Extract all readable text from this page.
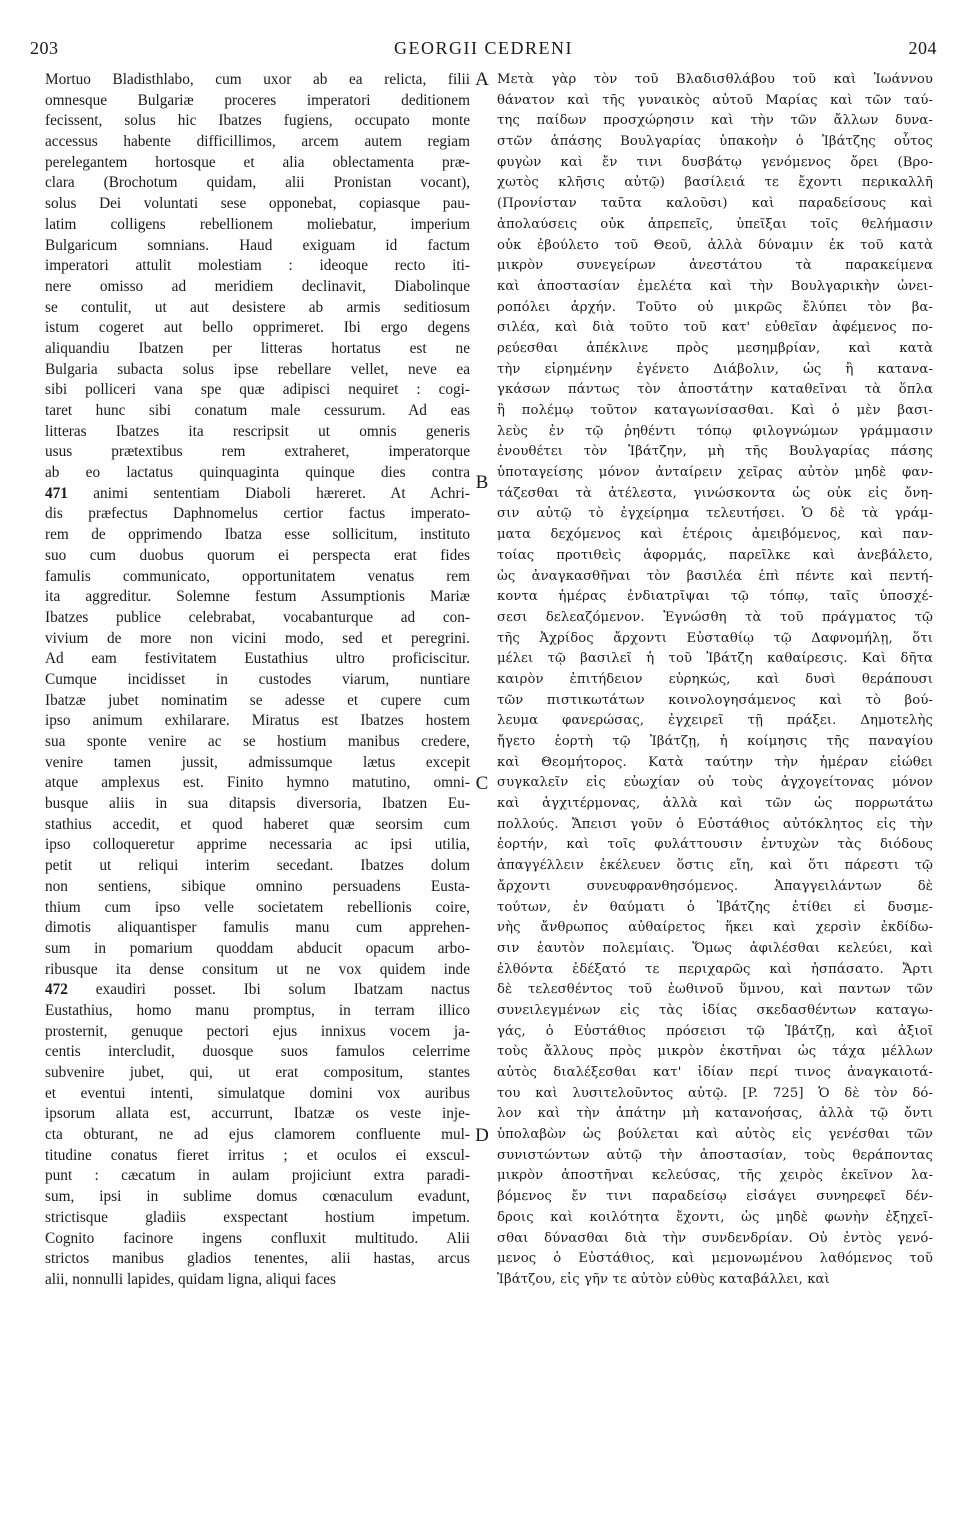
203	GEORGII CEDRENI	204
Mortuo Bladisthlabo, cum uxor ab ea relicta, filii
omnesque Bulgariæ proceres imperatori deditionem
fecissent, solus hic Ibatzes fugiens, occupato monte
accessus habente difficillimos, arcem autem regiam
perelegantem hortosque et alia oblectamenta præ-
clara (Brochotum quidam, alii Pronistan vocant),
solus Dei voluntati sese opponebat, copiasque pau-
latim colligens rebellionem moliebatur, imperium
Bulgaricum somnians. Haud exiguam id factum
imperatori attulit molestiam : ideoque recto iti-
nere omisso ad meridiem declinavit, Diabolinque
se contulit, ut aut desistere ab armis seditiosum
istum cogeret aut bello opprimeret. Ibi ergo degens
aliquandiu Ibatzen per litteras hortatus est ne
Bulgaria subacta solus ipse rebellare vellet, neve ea
sibi polliceri vana spe quæ adipisci nequiret : cogi-
taret hunc sibi conatum male cessurum. Ad eas
litteras Ibatzes ita rescripsit ut omnis generis
usus prætextibus rem extraheret, imperatorque
ab eo lactatus quinquaginta quinque dies contra
471 animi sententiam Diaboli hæreret. At Achri-
dis præfectus Daphnomelus certior factus imperato-
rem de opprimendo Ibatza esse sollicitum, instituto
suo cum duobus quorum ei perspecta erat fides
famulis communicato, opportunitatem venatus rem
ita aggreditur. Solemne festum Assumptionis Mariæ
Ibatzes publice celebrabat, vocabanturque ad con-
vivium de more non vicini modo, sed et peregrini.
Ad eam festivitatem Eustathius ultro proficiscitur.
Cumque incidisset in custodes viarum, nuntiare
Ibatzæ jubet nominatim se adesse et cupere cum
ipso animum exhilarare. Miratus est Ibatzes hostem
sua sponte venire ac se hostium manibus credere,
venire tamen jussit, admissumque lætus excepit
atque amplexus est. Finito hymno matutino, omni-
busque aliis in sua ditapsis diversoria, Ibatzen Eu-
stathius accedit, et quod haberet quæ seorsim cum
ipso colloqueretur apprime necessaria ac ipsi utilia,
petit ut reliqui interim secedant. Ibatzes dolum
non sentiens, sibique omnino persuadens Eusta-
thium cum ipso velle societatem rebellionis coire,
dimotis aliquantisper famulis manu cum apprehen-
sum in pomarium quoddam abducit opacum arbo-
ribusque ita dense consitum ut ne vox quidem inde
472 exaudiri posset. Ibi solum Ibatzam nactus
Eustathius, homo manu promptus, in terram illico
prosternit, genuque pectori ejus innixus vocem ja-
centis intercludit, duosque suos famulos celerrime
subvenire jubet, qui, ut erat compositum, stantes
et eventui intenti, simulatque domini vox auribus
ipsorum allata est, accurrunt, Ibatzæ os veste inje-
cta obturant, ne ad ejus clamorem confluente mul-
titudine conatus fieret irritus ; et oculos ei exscul-
punt : cæcatum in aulam projiciunt extra paradi-
sum, ipsi in sublime domus cœnaculum evadunt,
strictisque gladiis exspectant hostium impetum.
Cognito facinore ingens confluxit multitudo. Alii
strictos manibus gladios tenentes, alii hastas, arcus
alii, nonnulli lapides, quidam ligna, aliqui faces
A
B
C
D
Μετὰ γὰρ τὸν τοῦ Βλαδισθλάβου τοῦ καὶ Ἰωάννου
θάνατον καὶ τῆς γυναικὸς αὐτοῦ Μαρίας καὶ τῶν ταύ-
της παίδων προσχώρησιν καὶ τὴν τῶν ἄλλων δυνα-
στῶν ἁπάσης Βουλγαρίας ὑπακοὴν ὁ Ἰβάτζης οὗτος
φυγὼν καὶ ἔν τινι δυσβάτῳ γενόμενος ὄρει (Βρο-
χωτὸς κλῆσις αὐτῷ) βασίλειά τε ἔχοντι περικαλλῆ
(Προνίσταν ταῦτα καλοῦσι) καὶ παραδείσους καὶ
ἀπολαύσεις οὐκ ἀπρεπεῖς, ὑπεῖξαι τοῖς θελήμασιν
οὐκ ἐβούλετο τοῦ Θεοῦ, ἀλλὰ δύναμιν ἐκ τοῦ κατὰ
μικρὸν συνεγείρων ἀνεστάτου τὰ παρακείμενα
καὶ ἀποστασίαν ἐμελέτα καὶ τὴν Βουλγαρικὴν ὠνει-
ροπόλει ἀρχήν. Τοῦτο οὐ μικρῶς ἔλύπει τὸν βα-
σιλέα, καὶ διὰ τοῦτο τοῦ κατ' εὐθεῖαν ἀφέμενος πο-
ρεύεσθαι ἀπέκλινε πρὸς μεσημβρίαν, καὶ κατὰ
τὴν εἰρημένην ἐγένετο Διάβολιν, ὡς ἢ κατανα-
γκάσων πάντως τὸν ἀποστάτην καταθεῖναι τὰ ὅπλα
ἢ πολέμῳ τοῦτον καταγωνίσασθαι. Καὶ ὁ μὲν βασι-
λεὺς ἐν τῷ ῥηθέντι τόπῳ φιλογνώμων γράμμασιν
ἐνουθέτει τὸν Ἰβάτζην, μὴ τῆς Βουλγαρίας πάσης
ὑποταγείσης μόνον ἀνταίρειν χεῖρας αὐτὸν μηδὲ φαν-
τάζεσθαι τὰ ἀτέλεστα, γινώσκοντα ὡς οὐκ εἰς ὄνη-
σιν αὐτῷ τὸ ἐγχείρημα τελευτήσει. Ὁ δὲ τὰ γράμ-
ματα δεχόμενος καὶ ἑτέροις ἀμειβόμενος, καὶ παν-
τοίας προτιθεὶς ἀφορμάς, παρεῖλκε καὶ ἀνεβάλετο,
ὡς ἀναγκασθῆναι τὸν βασιλέα ἐπὶ πέντε καὶ πεντή-
κοντα ἡμέρας ἐνδιατρῖψαι τῷ τόπῳ, ταῖς ὑποσχέ-
σεσι δελεαζόμενον. Ἐγνώσθη τὰ τοῦ πράγματος τῷ
τῆς Ἀχρίδος ἄρχοντι Εὐσταθίῳ τῷ Δαφνομήλῃ, ὅτι
μέλει τῷ βασιλεῖ ἡ τοῦ Ἰβάτζη καθαίρεσις. Καὶ δῆτα
καιρὸν ἐπιτήδειον εὑρηκώς, καὶ δυσὶ θεράπουσι
τῶν πιστικωτάτων κοινολογησάμενος καὶ τὸ βού-
λευμα φανερώσας, ἐγχειρεῖ τῇ πράξει. Δημοτελὴς
ἤγετο ἑορτὴ τῷ Ἰβάτζῃ, ἡ κοίμησις τῆς παναγίου
καὶ Θεομήτορος. Κατὰ ταύτην τὴν ἡμέραν εἰώθει
συγκαλεῖν εἰς εὐωχίαν οὐ τοὺς ἀγχογείτονας μόνον
καὶ ἀγχιτέρμονας, ἀλλὰ καὶ τῶν ὡς πορρωτάτω
πολλούς. Ἄπεισι γοῦν ὁ Εὐστάθιος αὐτόκλητος εἰς τὴν
ἑορτήν, καὶ τοῖς φυλάττουσιν ἐντυχὼν τὰς διόδους
ἀπαγγέλλειν ἐκέλευεν ὅστις εἴη, καὶ ὅτι πάρεστι τῷ
ἄρχοντι συνευφρανθησόμενος. Ἀπαγγειλάντων δὲ
τούτων, ἐν θαύματι ὁ Ἰβάτζης ἐτίθει εἰ δυσμε-
νὴς ἄνθρωπος αὐθαίρετος ἥκει καὶ χερσὶν ἐκδίδω-
σιν ἑαυτὸν πολεμίαις. Ὅμως ἀφιλέσθαι κελεύει, καὶ
ἐλθόντα ἐδέξατό τε περιχαρῶς καὶ ἠσπάσατο. Ἄρτι
δὲ τελεσθέντος τοῦ ἑωθινοῦ ὕμνου, καὶ παντων τῶν
συνειλεγμένων εἰς τὰς ἰδίας σκεδασθέντων καταγω-
γάς, ὁ Εὐστάθιος πρόσεισι τῷ Ἰβάτζῃ, καὶ ἀξιοῖ
τοὺς ἄλλους πρὸς μικρὸν ἐκστῆναι ὡς τάχα μέλλων
αὐτὸς διαλέξεσθαι κατ' ἰδίαν περί τινος ἀναγκαιοτά-
του καὶ λυσιτελοῦντος αὐτῷ. [P. 725] Ὁ δὲ τὸν δό-
λον καὶ τὴν ἀπάτην μὴ κατανοήσας, ἀλλὰ τῷ ὄντι
ὑπολαβὼν ὡς βούλεται καὶ αὐτὸς εἰς γενέσθαι τῶν
συνιστώντων αὐτῷ τὴν ἀποστασίαν, τοὺς θεράποντας
μικρὸν ἀποστῆναι κελεύσας, τῆς χειρὸς ἐκεῖνον λα-
βόμενος ἔν τινι παραδείσῳ εἰσάγει συνηρεφεῖ δέν-
δροις καὶ κοιλότητα ἔχοντι, ὡς μηδὲ φωνὴν ἐξηχεῖ-
σθαι δύνασθαι διὰ τὴν συνδενδρίαν. Οὐ ἐντὸς γενό-
μενος ὁ Εὐστάθιος, καὶ μεμονωμένου λαθόμενος τοῦ
Ἰβάτζου, εἰς γῆν τε αὐτὸν εὐθὺς καταβάλλει, καὶ
